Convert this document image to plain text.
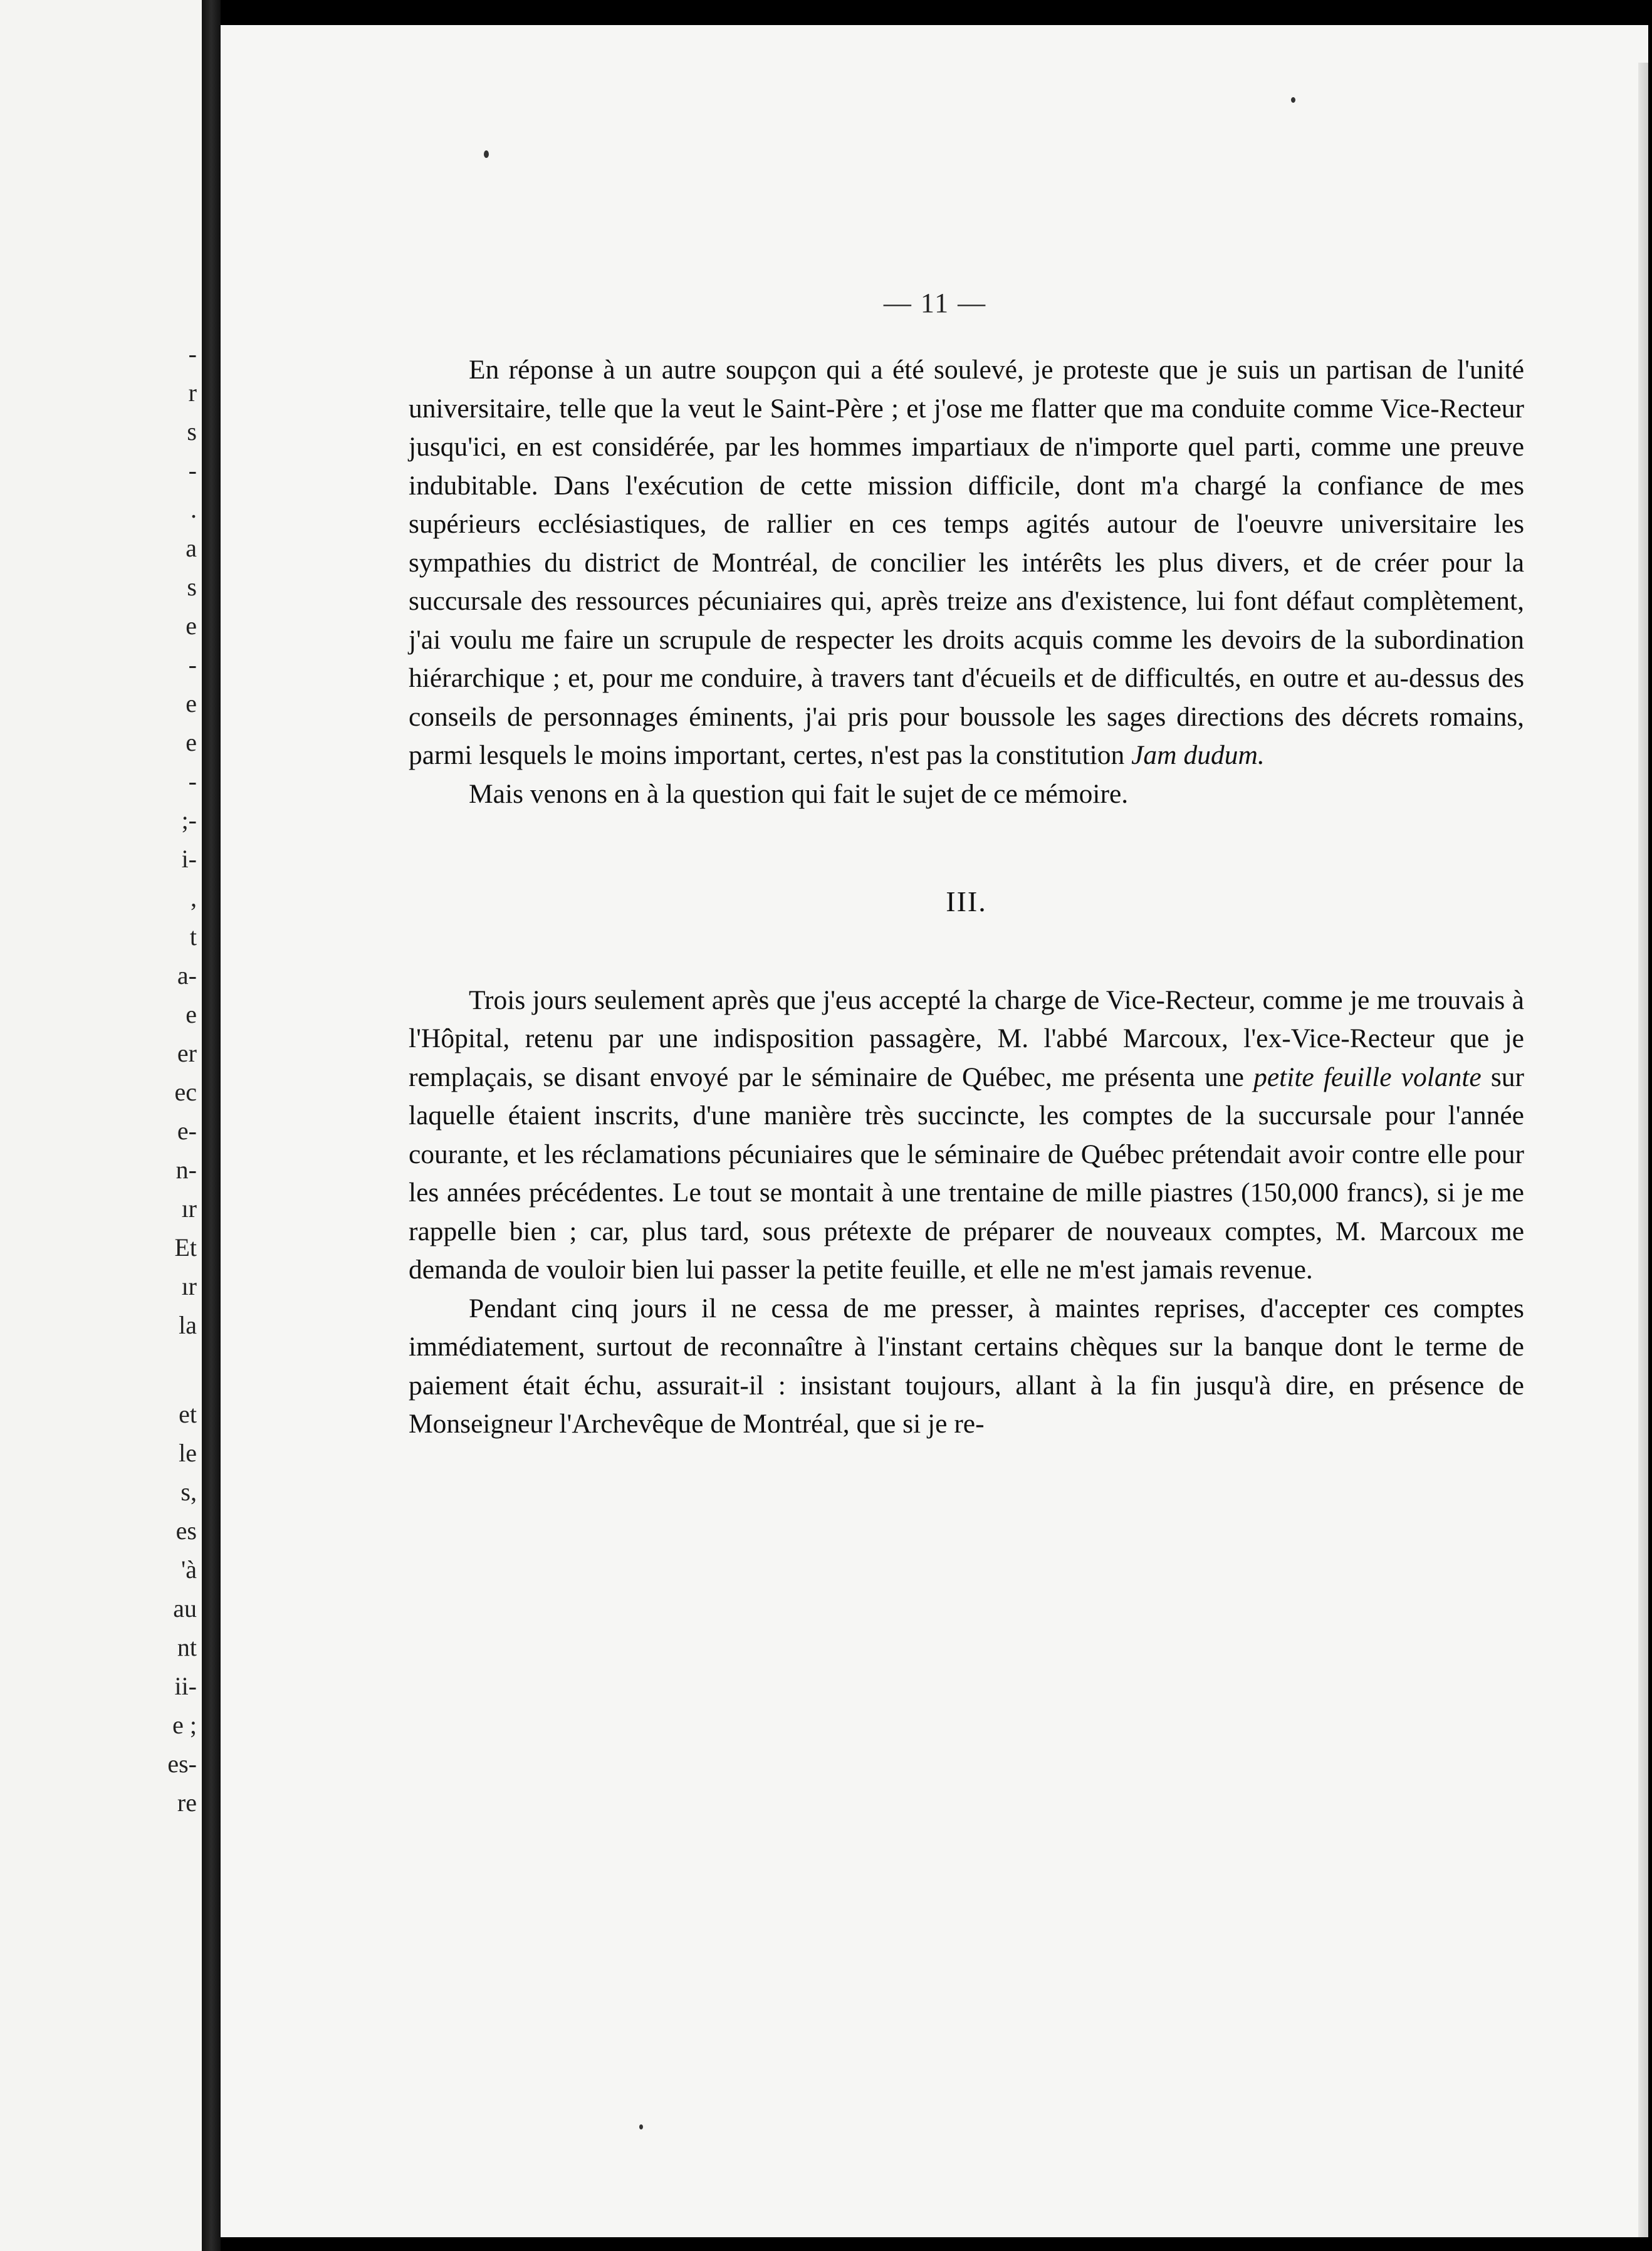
-
r
s
-
.
a
s
e
-
e
e
-
;-
i-
,
t
a-
e
er
ec
e-
n-
ır
Et
ır
la
et
le
s,
es
'à
au
nt
ii-
e ;
es-
re
— 11 —

En réponse à un autre soupçon qui a été soulevé, je proteste que je suis un partisan de l'unité universitaire, telle que la veut le Saint-Père ; et j'ose me flatter que ma conduite comme Vice-Recteur jusqu'ici, en est considérée, par les hommes impartiaux de n'importe quel parti, comme une preuve indubitable. Dans l'exécution de cette mission difficile, dont m'a chargé la confiance de mes supérieurs ecclésiastiques, de rallier en ces temps agités autour de l'oeuvre universitaire les sympathies du district de Montréal, de concilier les intérêts les plus divers, et de créer pour la succursale des ressources pécuniaires qui, après treize ans d'existence, lui font défaut complètement, j'ai voulu me faire un scrupule de respecter les droits acquis comme les devoirs de la subordination hiérarchique ; et, pour me conduire, à travers tant d'écueils et de difficultés, en outre et au-dessus des conseils de personnages éminents, j'ai pris pour boussole les sages directions des décrets romains, parmi lesquels le moins important, certes, n'est pas la constitution Jam dudum.

Mais venons en à la question qui fait le sujet de ce mémoire.

III.

Trois jours seulement après que j'eus accepté la charge de Vice-Recteur, comme je me trouvais à l'Hôpital, retenu par une indisposition passagère, M. l'abbé Marcoux, l'ex-Vice-Recteur que je remplaçais, se disant envoyé par le séminaire de Québec, me présenta une petite feuille volante sur laquelle étaient inscrits, d'une manière très succincte, les comptes de la succursale pour l'année courante, et les réclamations pécuniaires que le séminaire de Québec prétendait avoir contre elle pour les années précédentes. Le tout se montait à une trentaine de mille piastres (150,000 francs), si je me rappelle bien ; car, plus tard, sous prétexte de préparer de nouveaux comptes, M. Marcoux me demanda de vouloir bien lui passer la petite feuille, et elle ne m'est jamais revenue.

Pendant cinq jours il ne cessa de me presser, à maintes reprises, d'accepter ces comptes immédiatement, surtout de reconnaître à l'instant certains chèques sur la banque dont le terme de paiement était échu, assurait-il : insistant toujours, allant à la fin jusqu'à dire, en présence de Monseigneur l'Archevêque de Montréal, que si je re-
